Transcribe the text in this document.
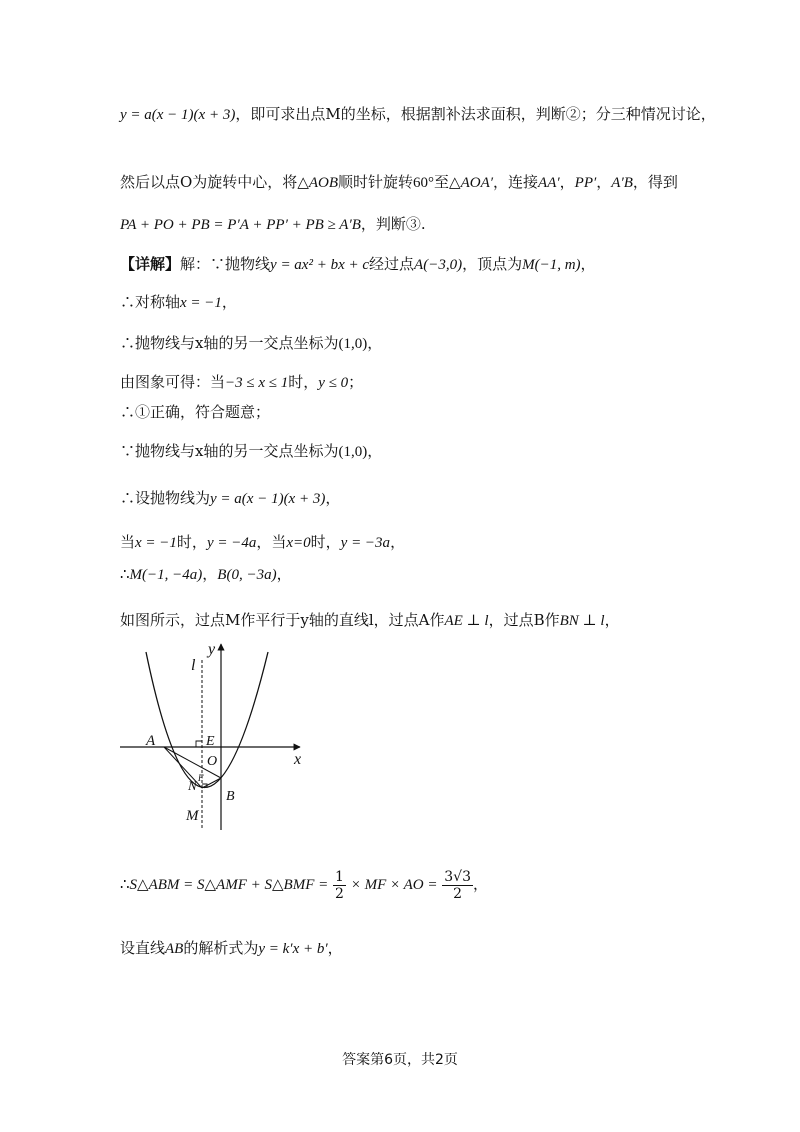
y = a(x − 1)(x + 3)，即可求出点M的坐标，根据割补法求面积，判断②；分三种情况讨论，
然后以点O为旋转中心，将△AOB顺时针旋转60°至△AOA′，连接AA′，PP′，A′B，得到
PA + PO + PB = P′A + PP′ + PB ≥ A′B，判断③.
【详解】解：∵抛物线y = ax² + bx + c经过点A(−3,0)，顶点为M(−1, m)，
∴对称轴x = −1，
∴抛物线与x轴的另一交点坐标为(1,0)，
由图象可得：当−3 ≤ x ≤ 1时，y ≤ 0；
∴①正确，符合题意；
∵抛物线与x轴的另一交点坐标为(1,0)，
∴设抛物线为y = a(x − 1)(x + 3)，
当x = −1时，y = −4a，当x=0时，y = −3a，
∴M(−1, −4a)，B(0, −3a)，
如图所示，过点M作平行于y轴的直线l，过点A作AE ⊥ l，过点B作BN ⊥ l，
y
l
A	E
O	x
N F
B
M
∴S△ABM = S△AMF + S△BMF = $\frac{1}{2}$ × MF × AO = $\frac{3√3}{2}$ ，
设直线AB的解析式为y = k′x + b′，
答案第6页，共2页
